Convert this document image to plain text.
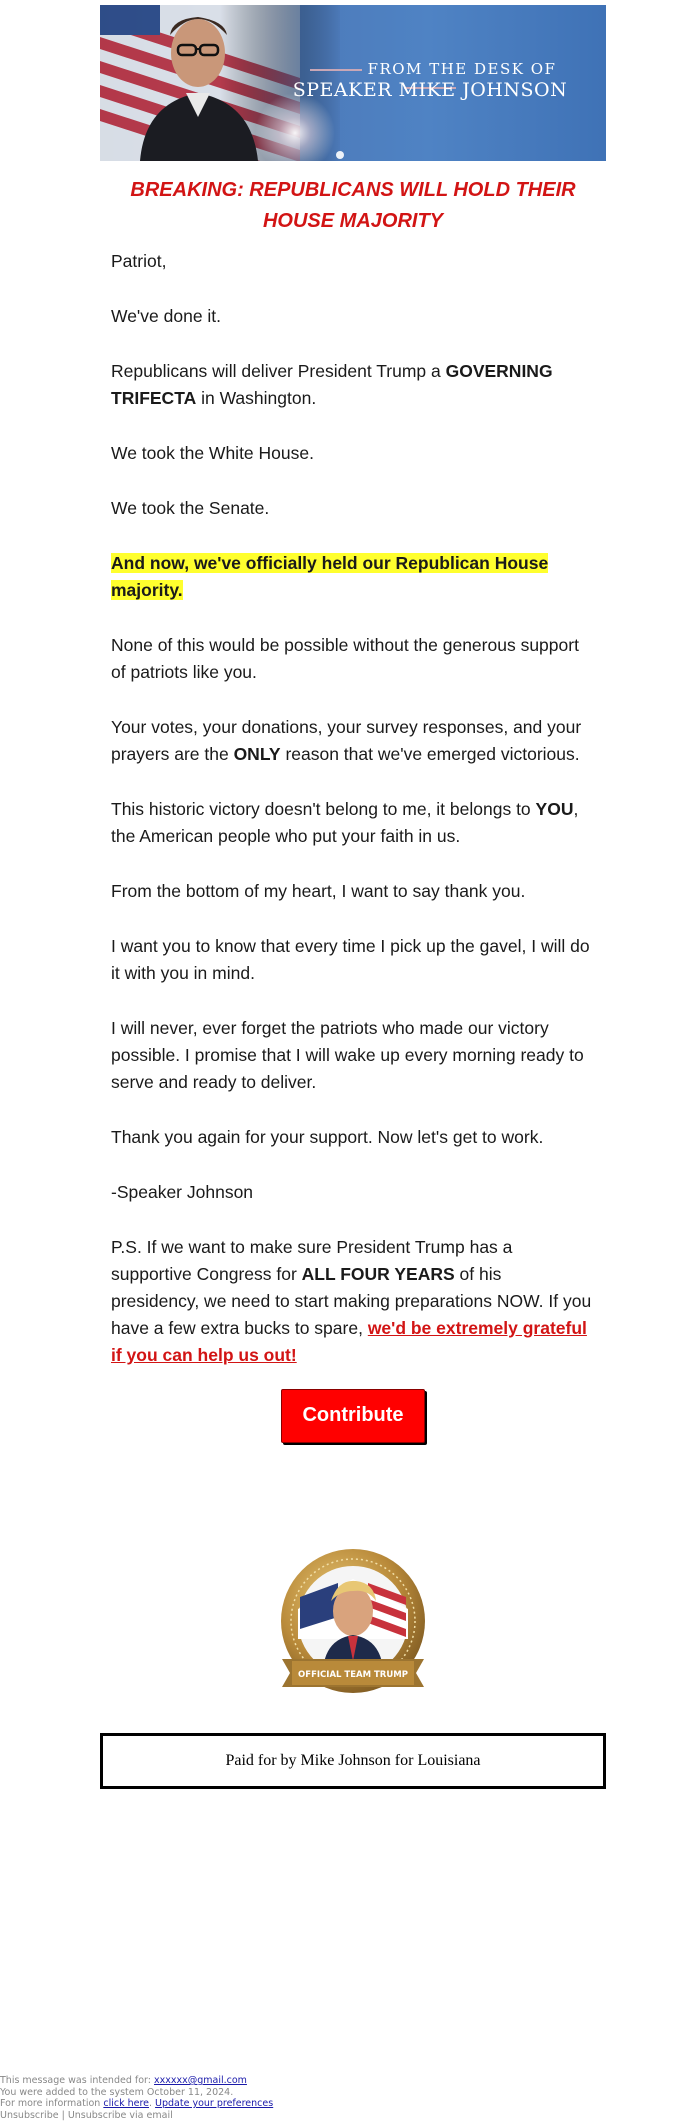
FROM THE DESK OF
SPEAKER MIKE JOHNSON
BREAKING: REPUBLICANS WILL HOLD THEIR HOUSE MAJORITY

Patriot,

We've done it.

Republicans will deliver President Trump a GOVERNING TRIFECTA in Washington.

We took the White House.

We took the Senate.

And now, we've officially held our Republican House majority.

None of this would be possible without the generous support of patriots like you.

Your votes, your donations, your survey responses, and your prayers are the ONLY reason that we've emerged victorious.

This historic victory doesn't belong to me, it belongs to YOU, the American people who put your faith in us.

From the bottom of my heart, I want to say thank you.

I want you to know that every time I pick up the gavel, I will do it with you in mind.

I will never, ever forget the patriots who made our victory possible. I promise that I will wake up every morning ready to serve and ready to deliver.

Thank you again for your support. Now let's get to work.

-Speaker Johnson

P.S. If we want to make sure President Trump has a supportive Congress for ALL FOUR YEARS of his presidency, we need to start making preparations NOW. If you have a few extra bucks to spare, we'd be extremely grateful if you can help us out!

Contribute
OFFICIAL TEAM TRUMP
Paid for by Mike Johnson for Louisiana
This message was intended for: xxxxxx@gmail.com
You were added to the system October 11, 2024.
For more information click here. Update your preferences
Unsubscribe | Unsubscribe via email
